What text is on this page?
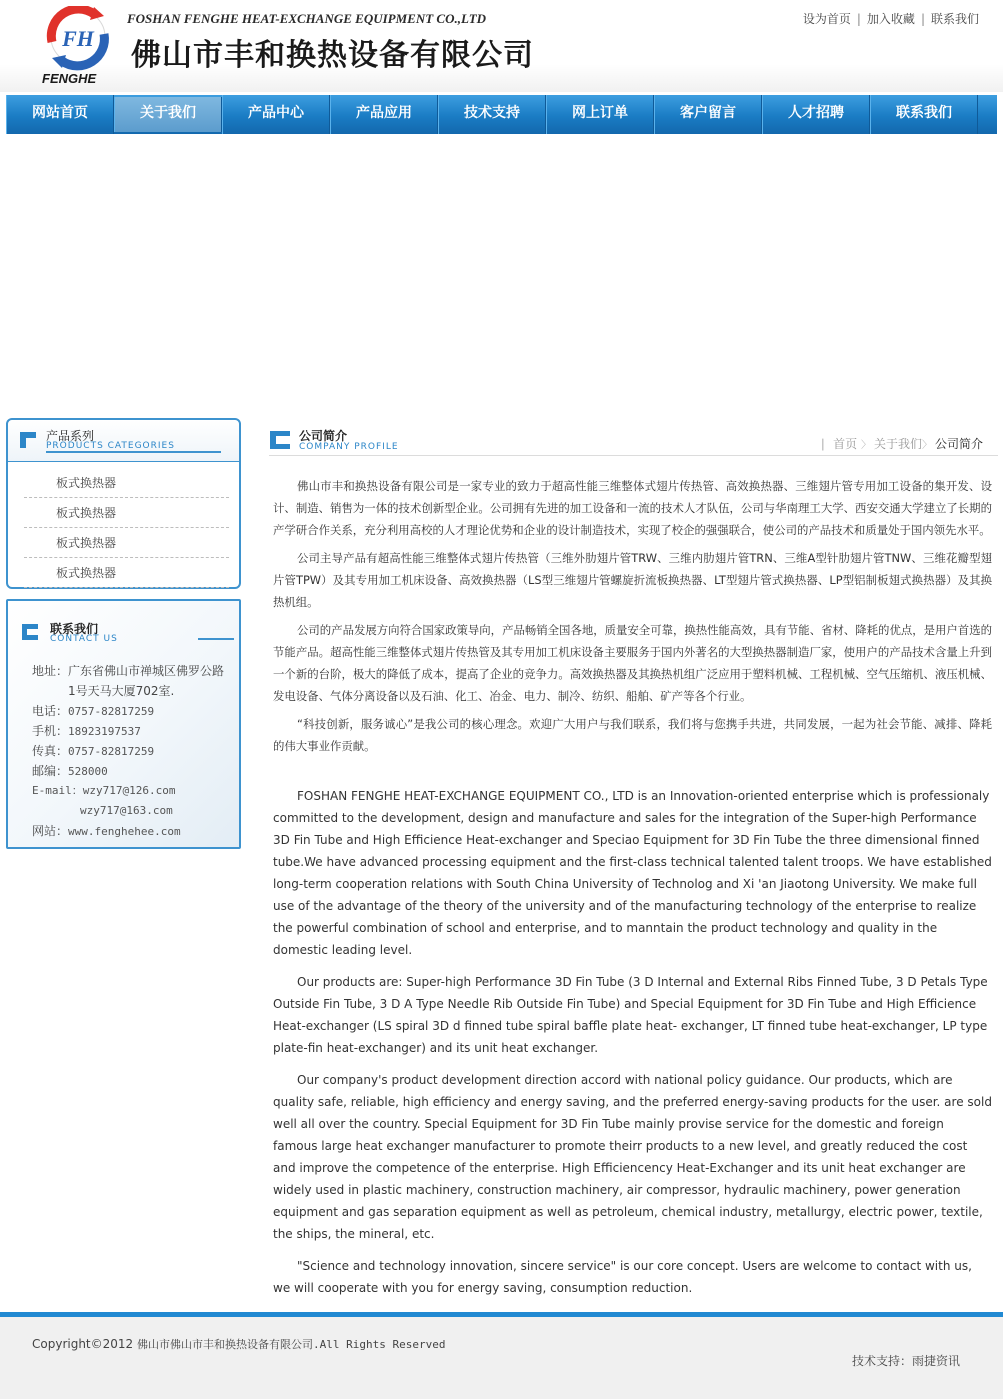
FH
FENGHE
FOSHAN FENGHE HEAT-EXCHANGE EQUIPMENT CO.,LTD
佛山市丰和换热设备有限公司
设为首页 | 加入收藏 | 联系我们
网站首页	关于我们	产品中心	产品应用	技术支持	网上订单	客户留言	人才招聘	联系我们
产品系列
PRODUCTS CATEGORIES
板式换热器
板式换热器
板式换热器
板式换热器
联系我们
CONTACT US
地址：广东省佛山市禅城区佛罗公路
1号天马大厦702室.
电话：0757-82817259
手机：18923197537
传真：0757-82817259
邮编：528000
E-mail：wzy717@126.com
wzy717@163.com
网站：www.fenghehee.com
公司简介
COMPANY PROFILE	▏ 首页 〉 关于我们〉 公司简介

佛山市丰和换热设备有限公司是一家专业的致力于超高性能三维整体式翅片传热管、高效换热器、三维翅片管专用加工设备的集开发、设计、制造、销售为一体的技术创新型企业。公司拥有先进的加工设备和一流的技术人才队伍，公司与华南理工大学、西安交通大学建立了长期的产学研合作关系，充分利用高校的人才理论优势和企业的设计制造技术，实现了校企的强强联合，使公司的产品技术和质量处于国内领先水平。

公司主导产品有超高性能三维整体式翅片传热管（三维外肋翅片管TRW、三维内肋翅片管TRN、三维A型针肋翅片管TNW、三维花瓣型翅片管TPW）及其专用加工机床设备、高效换热器（LS型三维翅片管螺旋折流板换热器、LT型翅片管式换热器、LP型铝制板翅式换热器）及其换热机组。

公司的产品发展方向符合国家政策导向，产品畅销全国各地，质量安全可靠，换热性能高效，具有节能、省材、降耗的优点，是用户首选的节能产品。超高性能三维整体式翅片传热管及其专用加工机床设备主要服务于国内外著名的大型换热器制造厂家，使用户的产品技术含量上升到一个新的台阶，极大的降低了成本，提高了企业的竞争力。高效换热器及其换热机组广泛应用于塑料机械、工程机械、空气压缩机、液压机械、发电设备、气体分离设备以及石油、化工、冶金、电力、制冷、纺织、船舶、矿产等各个行业。

“科技创新，服务诚心”是我公司的核心理念。欢迎广大用户与我们联系，我们将与您携手共进，共同发展，一起为社会节能、减排、降耗的伟大事业作贡献。

FOSHAN FENGHE HEAT-EXCHANGE EQUIPMENT CO., LTD is an Innovation-oriented enterprise which is professionaly committed to the development, design and manufacture and sales for the integration of the Super-high Performance 3D Fin Tube and High Efficience Heat-exchanger and Speciao Equipment for 3D Fin Tube the three dimensional finned tube.We have advanced processing equipment and the first-class technical talented talent troops. We have established long-term cooperation relations with South China University of Technolog and Xi 'an Jiaotong University. We make full use of the advantage of the theory of the university and of the manufacturing technology of the enterprise to realize the powerful combination of school and enterprise, and to manntain the product technology and quality in the domestic leading level.

Our products are: Super-high Performance 3D Fin Tube (3 D Internal and External Ribs Finned Tube, 3 D Petals Type Outside Fin Tube, 3 D A Type Needle Rib Outside Fin Tube) and Special Equipment for 3D Fin Tube and High Efficience Heat-exchanger (LS spiral 3D d finned tube spiral baffle plate heat- exchanger, LT finned tube heat-exchanger, LP type plate-fin heat-exchanger) and its unit heat exchanger.

Our company's product development direction accord with national policy guidance. Our products, which are quality safe, reliable, high efficiency and energy saving, and the preferred energy-saving products for the user. are sold well all over the country. Special Equipment for 3D Fin Tube mainly provise service for the domestic and foreign famous large heat exchanger manufacturer to promote theirr products to a new level, and greatly reduced the cost and improve the competence of the enterprise. High Efficiencency Heat-Exchanger and its unit heat exchanger are widely used in plastic machinery, construction machinery, air compressor, hydraulic machinery, power generation equipment and gas separation equipment as well as petroleum, chemical industry, metallurgy, electric power, textile, the ships, the mineral, etc.

"Science and technology innovation, sincere service" is our core concept. Users are welcome to contact with us, we will cooperate with you for energy saving, consumption reduction.

Copyright©2012 佛山市佛山市丰和换热设备有限公司.All Rights Reserved
技术支持：雨捷资讯
